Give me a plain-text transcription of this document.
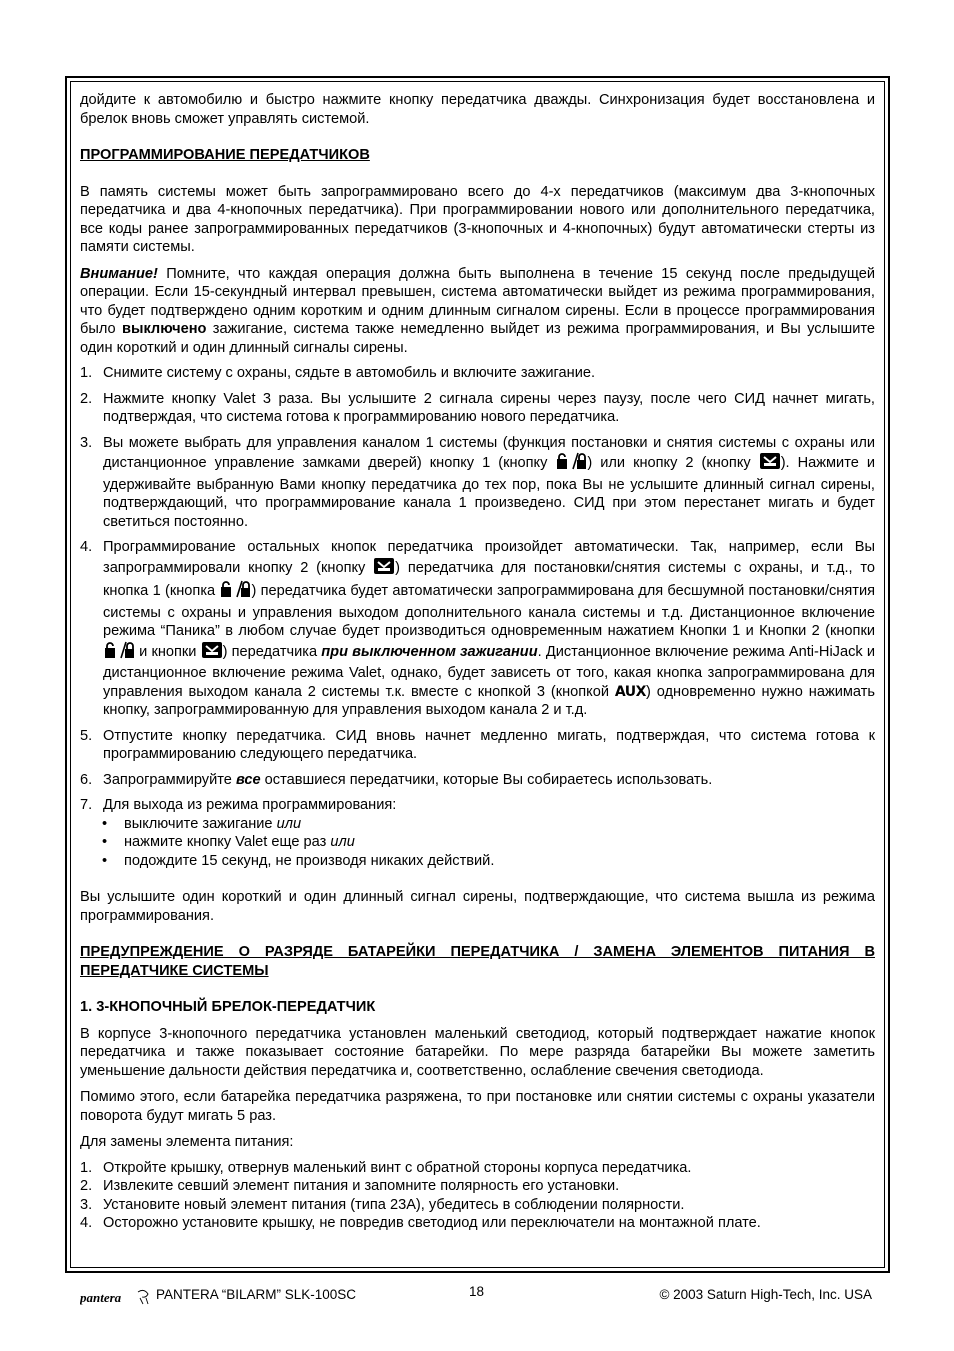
дойдите к автомобилю и быстро нажмите кнопку передатчика дважды. Синхронизация будет восстановлена и брелок вновь сможет управлять системой.

ПРОГРАММИРОВАНИЕ ПЕРЕДАТЧИКОВ

В память системы может быть запрограммировано всего до 4-х передатчиков (максимум два 3-кнопочных передатчика и два 4-кнопочных передатчика). При программировании нового или дополнительного передатчика, все коды ранее запрограммированных передатчиков (3-кнопочных и 4-кнопочных) будут автоматически стерты из памяти системы.

Внимание! Помните, что каждая операция должна быть выполнена в течение 15 секунд после предыдущей операции. Если 15-секундный интервал превышен, система автоматически выйдет из режима программирования, что будет подтверждено одним коротким и одним длинным сигналом сирены. Если в процессе программирования было выключено зажигание, система также немедленно выйдет из режима программирования, и Вы услышите один короткий и один длинный сигналы сирены.

1. Снимите систему с охраны, сядьте в автомобиль и включите зажигание.
2. Нажмите кнопку Valet 3 раза. Вы услышите 2 сигнала сирены через паузу, после чего СИД начнет мигать, подтверждая, что система готова к программированию нового передатчика.
3. Вы можете выбрать для управления каналом 1 системы (функция постановки и снятия системы с охраны или дистанционное управление замками дверей) кнопку 1 (кнопку ) или кнопку 2 (кнопку ). Нажмите и удерживайте выбранную Вами кнопку передатчика до тех пор, пока Вы не услышите длинный сигнал сирены, подтверждающий, что программирование канала 1 произведено. СИД при этом перестанет мигать и будет светиться постоянно.
4. Программирование остальных кнопок передатчика произойдет автоматически. Так, например, если Вы запрограммировали кнопку 2 (кнопку ) передатчика для постановки/снятия системы с охраны, и т.д., то кнопка 1 (кнопка ) передатчика будет автоматически запрограммирована для бесшумной постановки/снятия системы с охраны и управления выходом дополнительного канала системы и т.д. Дистанционное включение режима “Паника” в любом случае будет производиться одновременным нажатием Кнопки 1 и Кнопки 2 (кнопки  и кнопки ) передатчика при выключенном зажигании. Дистанционное включение режима Anti-HiJack и дистанционное включение режима Valet, однако, будет зависеть от того, какая кнопка запрограммирована для управления выходом канала 2 системы т.к. вместе с кнопкой 3 (кнопкой AUX) одновременно нужно нажимать кнопку, запрограммированную для управления выходом канала 2 и т.д.
5. Отпустите кнопку передатчика. СИД вновь начнет медленно мигать, подтверждая, что система готова к программированию следующего передатчика.
6. Запрограммируйте все оставшиеся передатчики, которые Вы собираетесь использовать.
7. Для выхода из режима программирования:
• выключите зажигание или
• нажмите кнопку Valet еще раз или
• подождите 15 секунд, не производя никаких действий.

Вы услышите один короткий и один длинный сигнал сирены, подтверждающие, что система вышла из режима программирования.

ПРЕДУПРЕЖДЕНИЕ О РАЗРЯДЕ БАТАРЕЙКИ ПЕРЕДАТЧИКА / ЗАМЕНА ЭЛЕМЕНТОВ ПИТАНИЯ В ПЕРЕДАТЧИКЕ СИСТЕМЫ

1. 3-КНОПОЧНЫЙ БРЕЛОК-ПЕРЕДАТЧИК

В корпусе 3-кнопочного передатчика установлен маленький светодиод, который подтверждает нажатие кнопок передатчика и также показывает состояние батарейки. По мере разряда батарейки Вы можете заметить уменьшение дальности действия передатчика и, соответственно, ослабление свечения светодиода.

Помимо этого, если батарейка передатчика разряжена, то при постановке или снятии системы с охраны указатели поворота будут мигать 5 раз.

Для замены элемента питания:

1. Откройте крышку, отвернув маленький винт с обратной стороны корпуса передатчика.
2. Извлеките севший элемент питания и запомните полярность его установки.
3. Установите новый элемент питания (типа 23А), убедитесь в соблюдении полярности.
4. Осторожно установите крышку, не повредив светодиод или переключатели на монтажной плате.
pantera	PANTERA “BILARM” SLK-100SC	18	© 2003 Saturn High-Tech, Inc. USA
